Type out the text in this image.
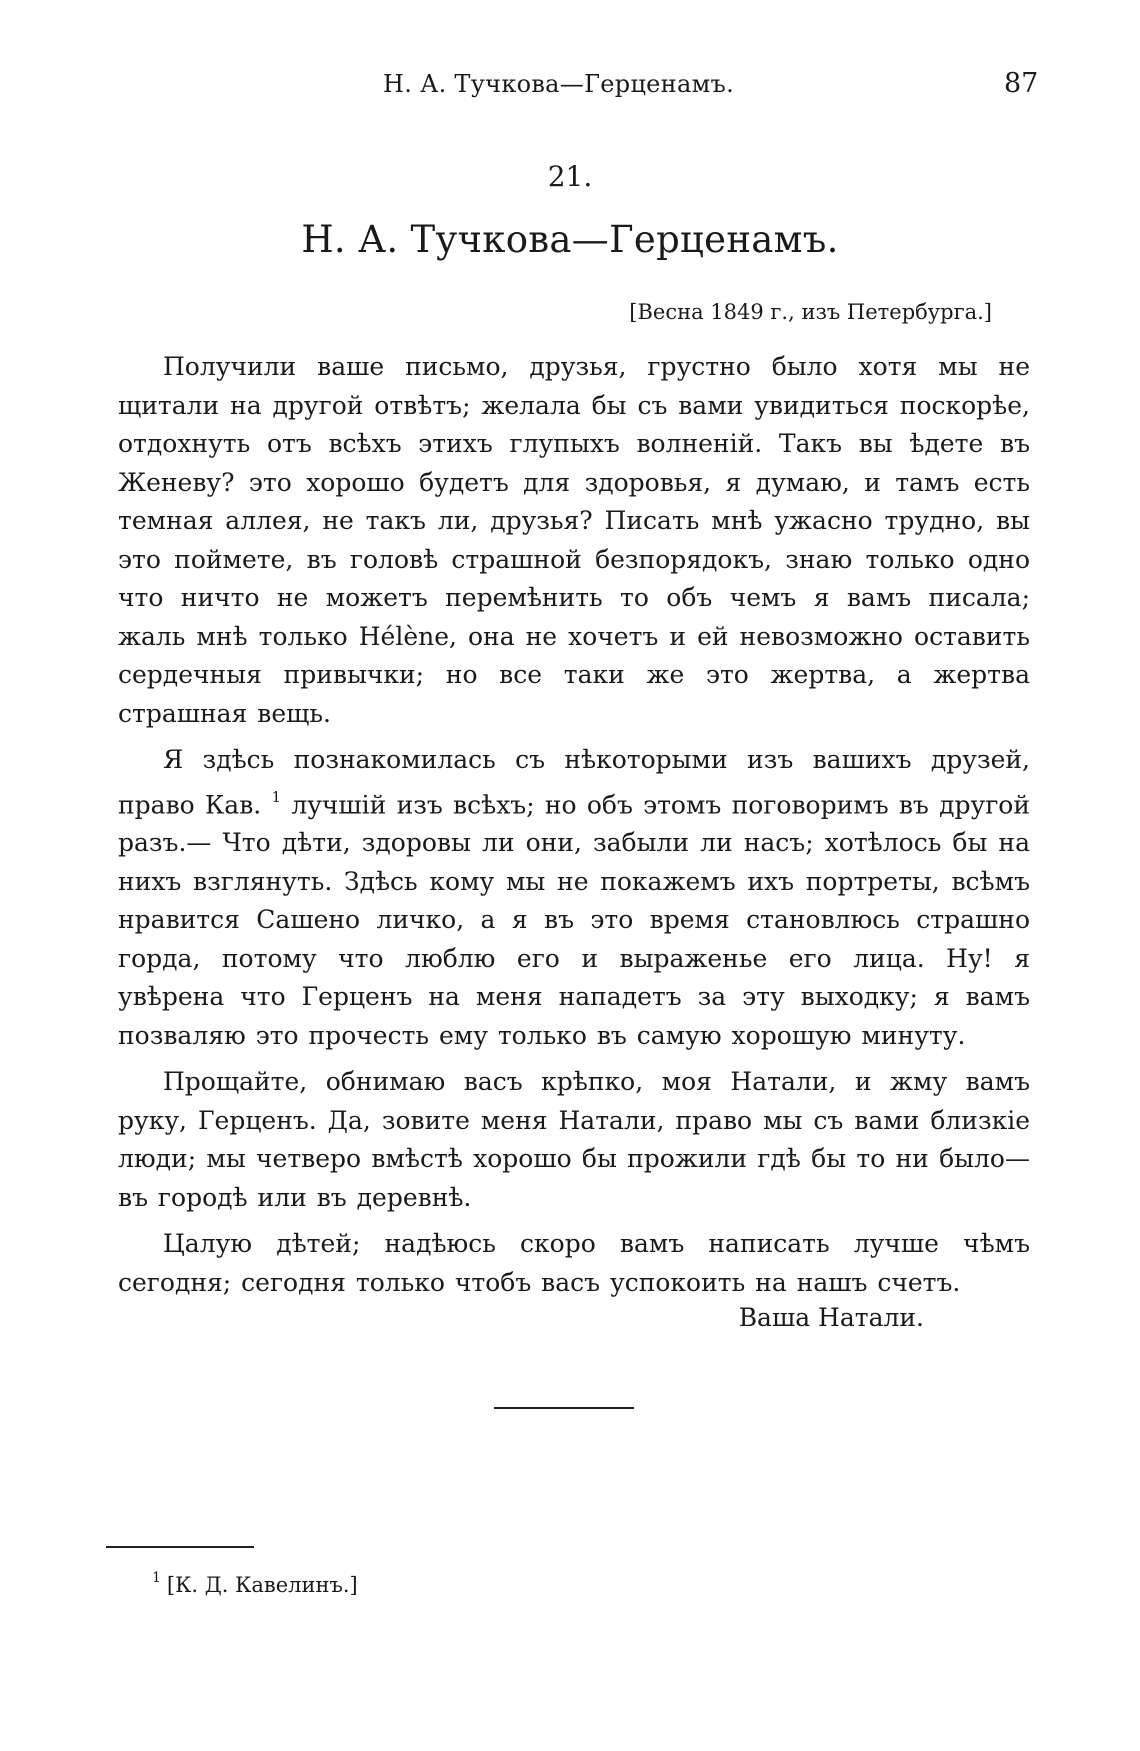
Н. А. Тучкова—Герценамъ.	87
21.
Н. А. Тучкова—Герценамъ.
[Весна 1849 г., изъ Петербурга.]

Получили ваше письмо, друзья, грустно было хотя мы не щитали на другой отвѣтъ; желала бы съ вами увидиться поскорѣе, отдохнуть отъ всѣхъ этихъ глупыхъ волненій. Такъ вы ѣдете въ Женеву? это хорошо будетъ для здоровья, я думаю, и тамъ есть темная аллея, не такъ ли, друзья? Писать мнѣ ужасно трудно, вы это поймете, въ головѣ страшной безпорядокъ, знаю только одно что ничто не можетъ перемѣнить то объ чемъ я вамъ писала; жаль мнѣ только Hélène, она не хочетъ и ей невозможно оставить сердечныя привычки; но все таки же это жертва, а жертва страшная вещь.

Я здѣсь познакомилась съ нѣкоторыми изъ вашихъ друзей, право Кав. $^1$ лучшій изъ всѣхъ; но объ этомъ поговоримъ въ другой разъ.— Что дѣти, здоровы ли они, забыли ли насъ; хотѣлось бы на нихъ взглянуть. Здѣсь кому мы не покажемъ ихъ портреты, всѣмъ нравится Сашено личко, а я въ это время становлюсь страшно горда, потому что люблю его и выраженье его лица. Ну! я увѣрена что Герценъ на меня нападетъ за эту выходку; я вамъ позваляю это прочесть ему только въ самую хорошую минуту.

Прощайте, обнимаю васъ крѣпко, моя Натали, и жму вамъ руку, Герценъ. Да, зовите меня Натали, право мы съ вами близкіе люди; мы четверо вмѣстѣ хорошо бы прожили гдѣ бы то ни было—въ городѣ или въ деревнѣ.

Цалую дѣтей; надѣюсь скоро вамъ написать лучше чѣмъ сегодня; сегодня только чтобъ васъ успокоить на нашъ счетъ.

Ваша Натали.
$^1$ [К. Д. Кавелинъ.]
